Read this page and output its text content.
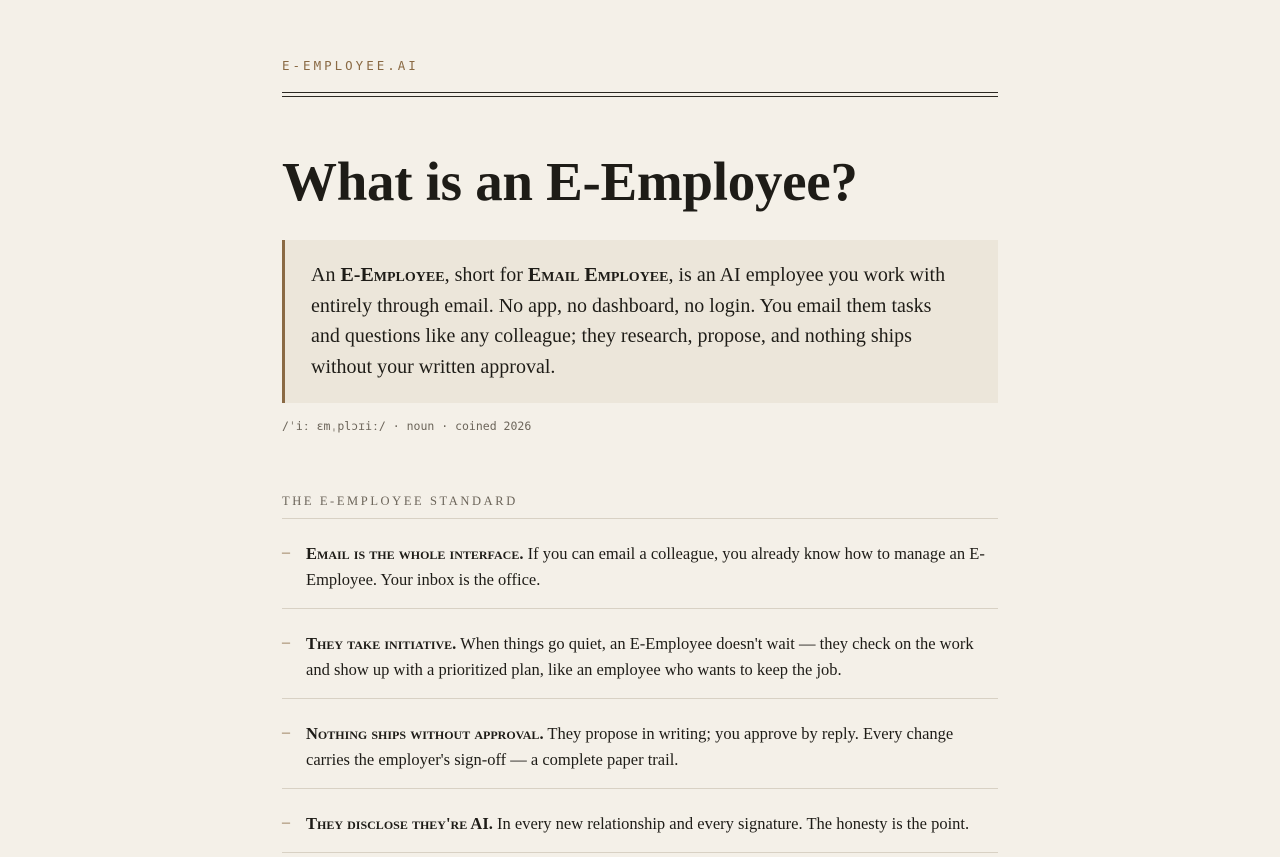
E-EMPLOYEE.AI
What is an E-Employee?
An E-Employee, short for Email Employee, is an AI employee you work with entirely through email. No app, no dashboard, no login. You email them tasks and questions like any colleague; they research, propose, and nothing ships without your written approval.
/ˈiː ɛmˌplɔɪiː/ · noun · coined 2026
THE E-EMPLOYEE STANDARD
– Email is the whole interface. If you can email a colleague, you already know how to manage an E-Employee. Your inbox is the office.
– They take initiative. When things go quiet, an E-Employee doesn't wait — they check on the work and show up with a prioritized plan, like an employee who wants to keep the job.
– Nothing ships without approval. They propose in writing; you approve by reply. Every change carries the employer's sign-off — a complete paper trail.
– They disclose they're AI. In every new relationship and every signature. The honesty is the point.
